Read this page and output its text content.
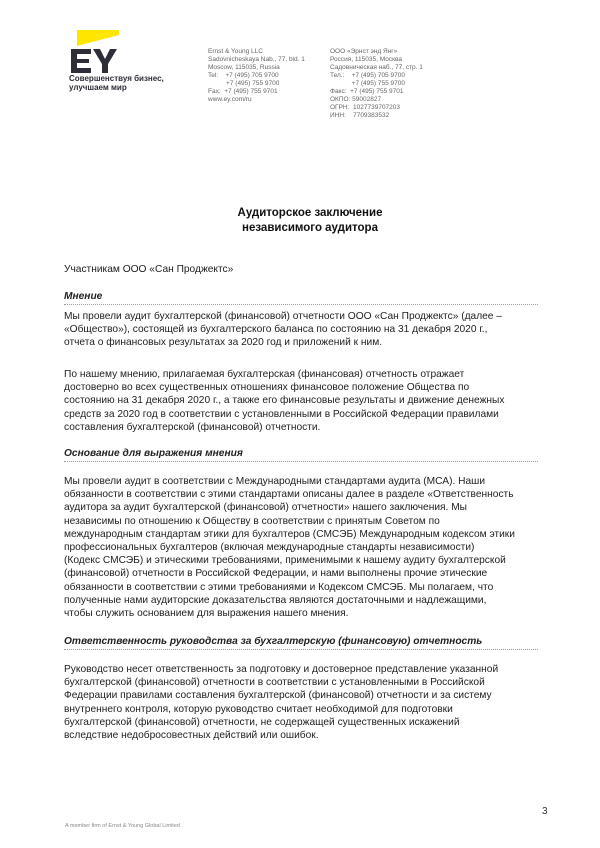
Совершенствуя бизнес,
улучшаем мир
Ernst & Young LLC
Sadovnicheskaya Nab., 77, bld. 1
Moscow, 115035, Russia
Tel:    +7 (495) 705 9700
+7 (495) 755 9700
Fax:  +7 (495) 755 9701
www.ey.com/ru
ООО «Эрнст энд Янг»
Россия, 115035, Москва
Садовническая наб., 77, стр. 1
Тел.:    +7 (495) 705 9700
+7 (495) 755 9700
Факс:  +7 (495) 755 9701
ОКПО: 59002827
ОГРН:  1027739707203
ИНН:    7709383532
Аудиторское заключение
независимого аудитора
Участникам ООО «Сан Проджектс»
Мнение
Мы провели аудит бухгалтерской (финансовой) отчетности ООО «Сан Проджектс» (далее –
«Общество»), состоящей из бухгалтерского баланса по состоянию на 31 декабря 2020 г.,
отчета о финансовых результатах за 2020 год и приложений к ним.
По нашему мнению, прилагаемая бухгалтерская (финансовая) отчетность отражает
достоверно во всех существенных отношениях финансовое положение Общества по
состоянию на 31 декабря 2020 г., а также его финансовые результаты и движение денежных
средств за 2020 год в соответствии с установленными в Российской Федерации правилами
составления бухгалтерской (финансовой) отчетности.
Основание для выражения мнения
Мы провели аудит в соответствии с Международными стандартами аудита (МСА). Наши
обязанности в соответствии с этими стандартами описаны далее в разделе «Ответственность
аудитора за аудит бухгалтерской (финансовой) отчетности» нашего заключения. Мы
независимы по отношению к Обществу в соответствии с принятым Советом по
международным стандартам этики для бухгалтеров (СМСЭБ) Международным кодексом этики
профессиональных бухгалтеров (включая международные стандарты независимости)
(Кодекс СМСЭБ) и этическими требованиями, применимыми к нашему аудиту бухгалтерской
(финансовой) отчетности в Российской Федерации, и нами выполнены прочие этические
обязанности в соответствии с этими требованиями и Кодексом СМСЭБ. Мы полагаем, что
полученные нами аудиторские доказательства являются достаточными и надлежащими,
чтобы служить основанием для выражения нашего мнения.
Ответственность руководства за бухгалтерскую (финансовую) отчетность
Руководство несет ответственность за подготовку и достоверное представление указанной
бухгалтерской (финансовой) отчетности в соответствии с установленными в Российской
Федерации правилами составления бухгалтерской (финансовой) отчетности и за систему
внутреннего контроля, которую руководство считает необходимой для подготовки
бухгалтерской (финансовой) отчетности, не содержащей существенных искажений
вследствие недобросовестных действий или ошибок.
3
A member firm of Ernst & Young Global Limited
